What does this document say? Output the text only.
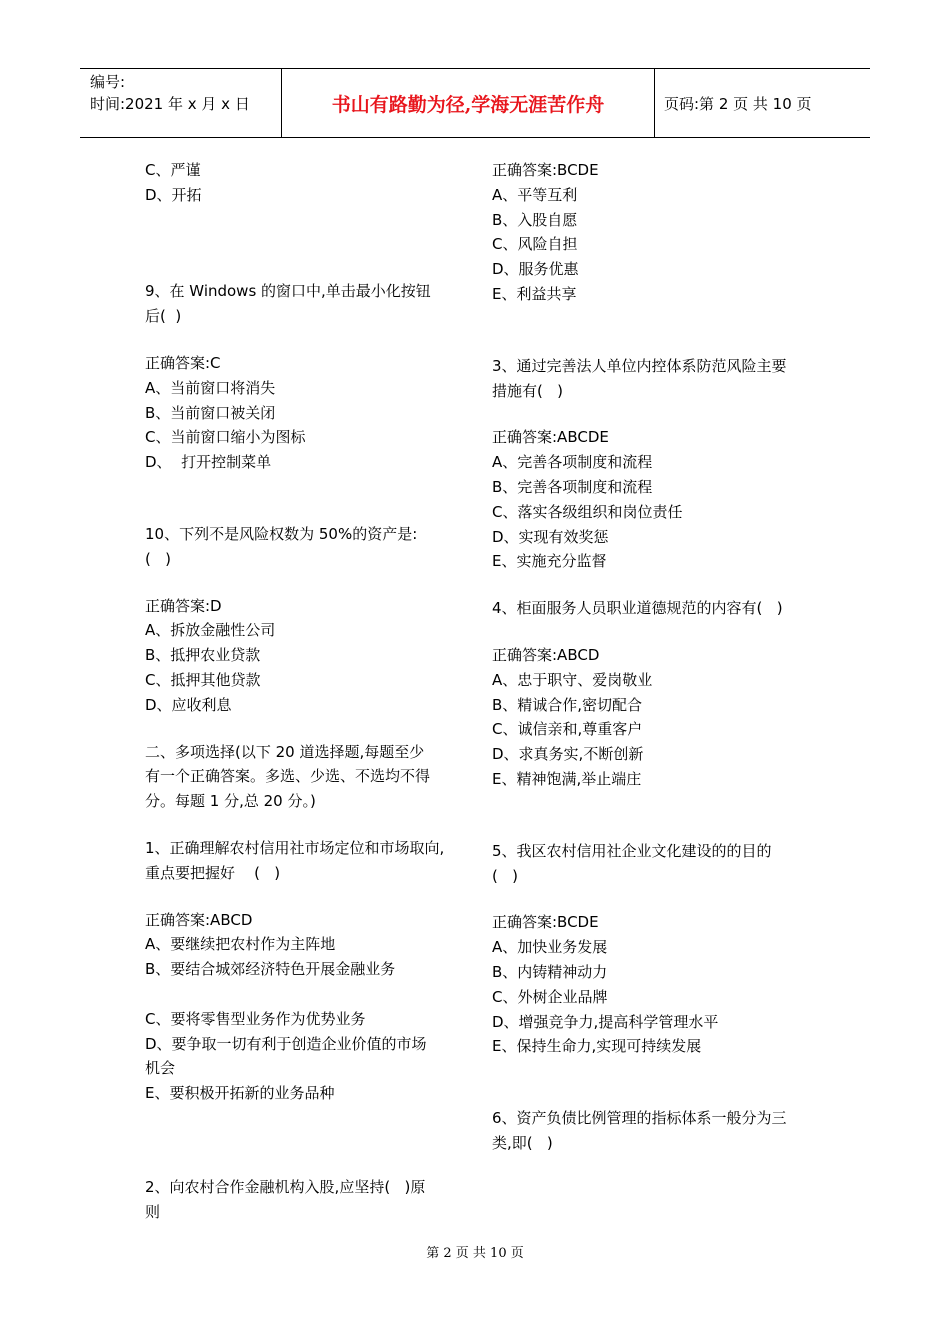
编号:
时间:2021 年 x 月 x 日	书山有路勤为径,学海无涯苦作舟	页码:第 2 页 共 10 页

C、严谨

D、开拓

9、在 Windows 的窗口中,单击最小化按钮

后(  )

正确答案:C

A、当前窗口将消失

B、当前窗口被关闭

C、当前窗口缩小为图标

D、  打开控制菜单

10、下列不是风险权数为 50%的资产是:

(   )

正确答案:D

A、拆放金融性公司

B、抵押农业贷款

C、抵押其他贷款

D、应收利息

二、多项选择(以下 20 道选择题,每题至少

有一个正确答案。多选、少选、不选均不得

分。每题 1 分,总 20 分。)

1、正确理解农村信用社市场定位和市场取向,

重点要把握好    (   )

正确答案:ABCD

A、要继续把农村作为主阵地

B、要结合城郊经济特色开展金融业务

C、要将零售型业务作为优势业务

D、要争取一切有利于创造企业价值的市场

机会

E、要积极开拓新的业务品种

2、向农村合作金融机构入股,应坚持(   )原

则

正确答案:BCDE

A、平等互利

B、入股自愿

C、风险自担

D、服务优惠

E、利益共享

3、通过完善法人单位内控体系防范风险主要

措施有(   )

正确答案:ABCDE

A、完善各项制度和流程

B、完善各项制度和流程

C、落实各级组织和岗位责任

D、实现有效奖惩

E、实施充分监督

4、柜面服务人员职业道德规范的内容有(   )

正确答案:ABCD

A、忠于职守、爱岗敬业

B、精诚合作,密切配合

C、诚信亲和,尊重客户

D、求真务实,不断创新

E、精神饱满,举止端庄

5、我区农村信用社企业文化建设的的目的

(   )

正确答案:BCDE

A、加快业务发展

B、内铸精神动力

C、外树企业品牌

D、增强竞争力,提高科学管理水平

E、保持生命力,实现可持续发展

6、资产负债比例管理的指标体系一般分为三

类,即(   )

第 2 页 共 10 页
